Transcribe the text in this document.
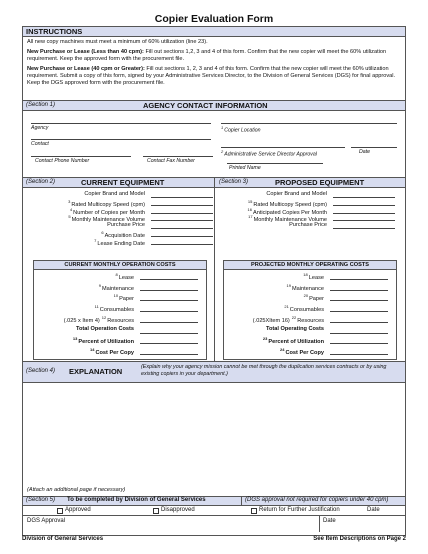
Copier Evaluation Form
INSTRUCTIONS

All new copy machines must meet a minimum of 60% utilization (line 23).

New Purchase or Lease (Less than 40 cpm): Fill out sections 1,2, 3 and 4 of this form. Confirm that the new copier will meet the 60% utilization requirement. Keep the approved form with the procurement file.

New Purchase or Lease (40 cpm or Greater): Fill out sections 1, 2, 3 and 4 of this form. Confirm that the new copier will meet the 60% utilization requirement. Submit a copy of this form, signed by your Administrative Services Director, to the Division of General Services (DGS) for final approval. Keep the DGS approved form with the procurement file.

(Section 1)	AGENCY CONTACT INFORMATION
Agency	$^1$Copier Location
Contact
$^2$Administrative Service Director Approval	Date
Contact Phone Number	Contact Fax Number
Printed Name
(Section 2)	CURRENT EQUIPMENT	(Section 3)	PROPOSED EQUIPMENT
Copier Brand and Model
$^3$Rated Multicopy Speed (cpm)
$^4$Number of Copies per Month
$^5$Monthly Maintenance Volume
Purchase Price
$^6$Acquisition Date
$^7$Lease Ending Date
Copier Brand and Model
$^{15}$Rated Multicopy Speed (cpm)
$^{16}$Anticipated Copies Per Month
$^{17}$Monthly Maintenance Volume
Purchase Price
CURRENT MONTHLY OPERATION COSTS
$^8$Lease
$^9$Maintenance
$^{10}$Paper
$^{11}$Consumables
(.025 x Item 4)$^{12}$Resources
Total Operation Costs
$^{13}$Percent of Utilization
$^{14}$Cost Per Copy
PROJECTED MONTHLY OPERATING COSTS
$^{18}$Lease
$^{19}$Maintenance
$^{20}$Paper
$^{21}$Consumables
(.025XItem 16)$^{22}$Resources
Total Operating Costs
$^{23}$Percent of Utilization
$^{24}$Cost Per Copy
(Section 4) EXPLANATION	(Explain why your agency mission cannot be met through the duplication services contracts or by using existing copiers in your department.)
(Attach an additional page if necessary)
(Section 5) To be completed by Division of General Services	(DGS approval not required for copiers under 40 cpm)
Approved	Disapproved	Return for Further Justification	Date
DGS Approval	Date
Division of General Services	See Item Descriptions on Page 2
